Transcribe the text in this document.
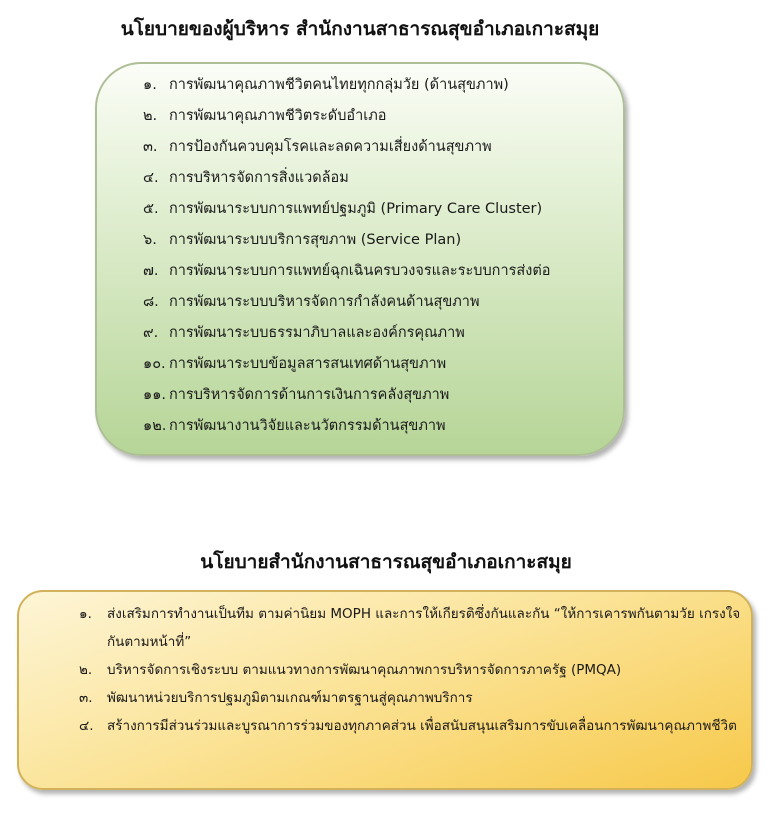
นโยบายของผู้บริหาร สำนักงานสาธารณสุขอำเภอเกาะสมุย
๑. การพัฒนาคุณภาพชีวิตคนไทยทุกกลุ่มวัย (ด้านสุขภาพ)
๒. การพัฒนาคุณภาพชีวิตระดับอำเภอ
๓. การป้องกันควบคุมโรคและลดความเสี่ยงด้านสุขภาพ
๔. การบริหารจัดการสิ่งแวดล้อม
๕. การพัฒนาระบบการแพทย์ปฐมภูมิ (Primary Care Cluster)
๖. การพัฒนาระบบบริการสุขภาพ (Service Plan)
๗. การพัฒนาระบบการแพทย์ฉุกเฉินครบวงจรและระบบการส่งต่อ
๘. การพัฒนาระบบบริหารจัดการกำลังคนด้านสุขภาพ
๙. การพัฒนาระบบธรรมาภิบาลและองค์กรคุณภาพ
๑๐. การพัฒนาระบบข้อมูลสารสนเทศด้านสุขภาพ
๑๑. การบริหารจัดการด้านการเงินการคลังสุขภาพ
๑๒. การพัฒนางานวิจัยและนวัตกรรมด้านสุขภาพ
นโยบายสำนักงานสาธารณสุขอำเภอเกาะสมุย
๑. ส่งเสริมการทำงานเป็นทีม ตามค่านิยม MOPH และการให้เกียรติซึ่งกันและกัน “ให้การเคารพกันตามวัย เกรงใจกันตามหน้าที่”
๒. บริหารจัดการเชิงระบบ ตามแนวทางการพัฒนาคุณภาพการบริหารจัดการภาครัฐ (PMQA)
๓. พัฒนาหน่วยบริการปฐมภูมิตามเกณฑ์มาตรฐานสู่คุณภาพบริการ
๔. สร้างการมีส่วนร่วมและบูรณาการร่วมของทุกภาคส่วน เพื่อสนับสนุนเสริมการขับเคลื่อนการพัฒนาคุณภาพชีวิต
